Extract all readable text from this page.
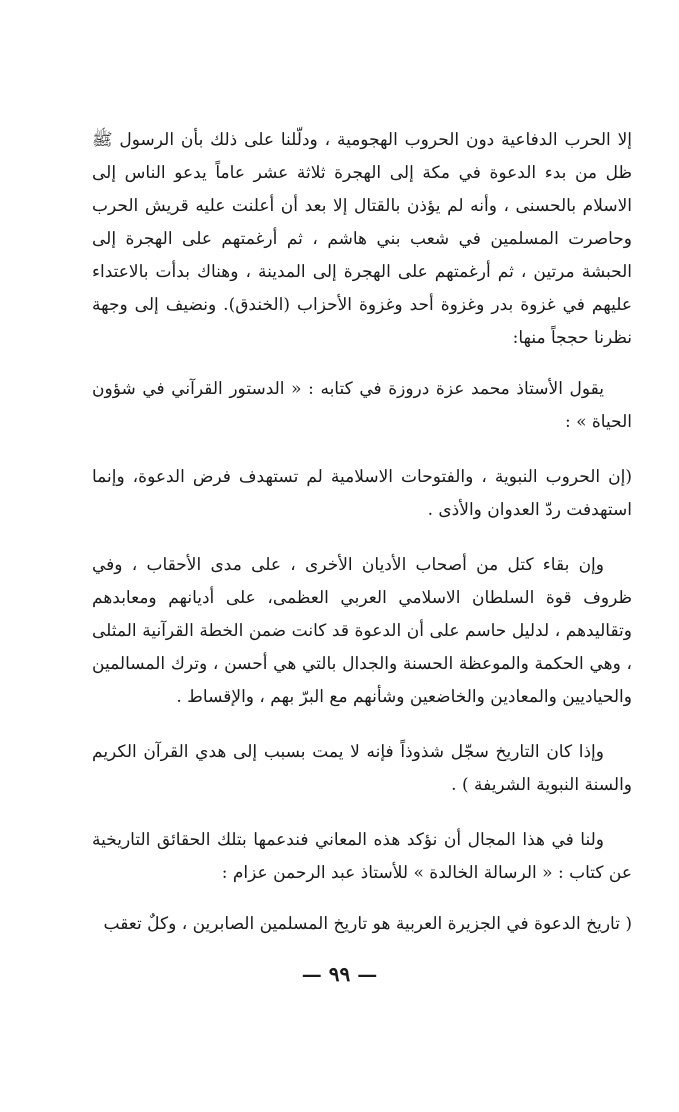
إلا الحرب الدفاعية دون الحروب الهجومية ، ودلّلنا على ذلك بأن الرسول ﷺ ظل من بدء الدعوة في مكة إلى الهجرة ثلاثة عشر عاماً يدعو الناس إلى الاسلام بالحسنى ، وأنه لم يؤذن بالقتال إلا بعد أن أعلنت عليه قريش الحرب وحاصرت المسلمين في شعب بني هاشم ، ثم أرغمتهم على الهجرة إلى الحبشة مرتين ، ثم أرغمتهم على الهجرة إلى المدينة ، وهناك بدأت بالاعتداء عليهم في غزوة بدر وغزوة أحد وغزوة الأحزاب (الخندق). ونضيف إلى وجهة نظرنا حججاً منها:

يقول الأستاذ محمد عزة دروزة في كتابه : « الدستور القرآني في شؤون الحياة » :

(إن الحروب النبوية ، والفتوحات الاسلامية لم تستهدف فرض الدعوة، وإنما استهدفت ردّ العدوان والأذى .

وإن بقاء كتل من أصحاب الأديان الأخرى ، على مدى الأحقاب ، وفي ظروف قوة السلطان الاسلامي العربي العظمى، على أديانهم ومعابدهم وتقاليدهم ، لدليل حاسم على أن الدعوة قد كانت ضمن الخطة القرآنية المثلى ، وهي الحكمة والموعظة الحسنة والجدال بالتي هي أحسن ، وترك المسالمين والحياديين والمعادين والخاضعين وشأنهم مع البرّ بهم ، والإقساط .

وإذا كان التاريخ سجّل شذوذاً فإنه لا يمت بسبب إلى هدي القرآن الكريم والسنة النبوية الشريفة ) .

ولنا في هذا المجال أن نؤكد هذه المعاني فندعمها بتلك الحقائق التاريخية عن كتاب : « الرسالة الخالدة » للأستاذ عبد الرحمن عزام :

( تاريخ الدعوة في الجزيرة العربية هو تاريخ المسلمين الصابرين ، وكلٌ تعقب

— ٩٩ —
